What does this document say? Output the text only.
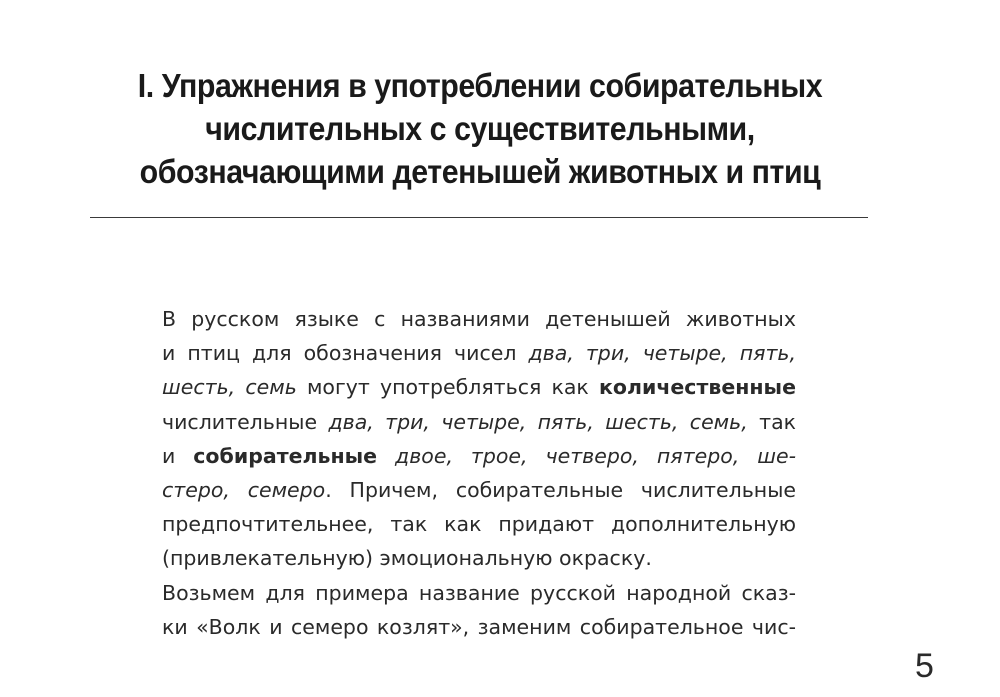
I. Упражнения в употреблении собирательных
числительных с существительными,
обозначающими детенышей животных и птиц
В русском языке с названиями детенышей животных
и птиц для обозначения чисел два, три, четыре, пять,
шесть, семь могут употребляться как количественные
числительные два, три, четыре, пять, шесть, семь, так
и собирательные двое, трое, четверо, пятеро, ше-
стеро, семеро. Причем, собирательные числительные
предпочтительнее, так как придают дополнительную
(привлекательную) эмоциональную окраску.
Возьмем для примера название русской народной сказ-
ки «Волк и семеро козлят», заменим собирательное чис-
5
